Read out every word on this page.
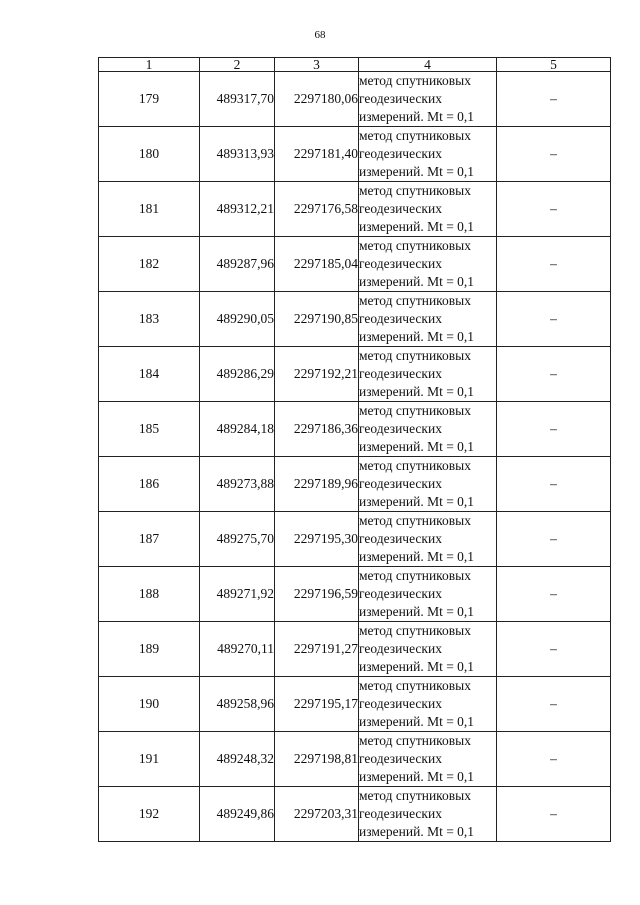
68
1	2	3	4	5
179	489317,70	2297180,06	метод спутниковых
геодезических
измерений. Mt = 0,1	–
180	489313,93	2297181,40	метод спутниковых
геодезических
измерений. Mt = 0,1	–
181	489312,21	2297176,58	метод спутниковых
геодезических
измерений. Mt = 0,1	–
182	489287,96	2297185,04	метод спутниковых
геодезических
измерений. Mt = 0,1	–
183	489290,05	2297190,85	метод спутниковых
геодезических
измерений. Mt = 0,1	–
184	489286,29	2297192,21	метод спутниковых
геодезических
измерений. Mt = 0,1	–
185	489284,18	2297186,36	метод спутниковых
геодезических
измерений. Mt = 0,1	–
186	489273,88	2297189,96	метод спутниковых
геодезических
измерений. Mt = 0,1	–
187	489275,70	2297195,30	метод спутниковых
геодезических
измерений. Mt = 0,1	–
188	489271,92	2297196,59	метод спутниковых
геодезических
измерений. Mt = 0,1	–
189	489270,11	2297191,27	метод спутниковых
геодезических
измерений. Mt = 0,1	–
190	489258,96	2297195,17	метод спутниковых
геодезических
измерений. Mt = 0,1	–
191	489248,32	2297198,81	метод спутниковых
геодезических
измерений. Mt = 0,1	–
192	489249,86	2297203,31	метод спутниковых
геодезических
измерений. Mt = 0,1	–
